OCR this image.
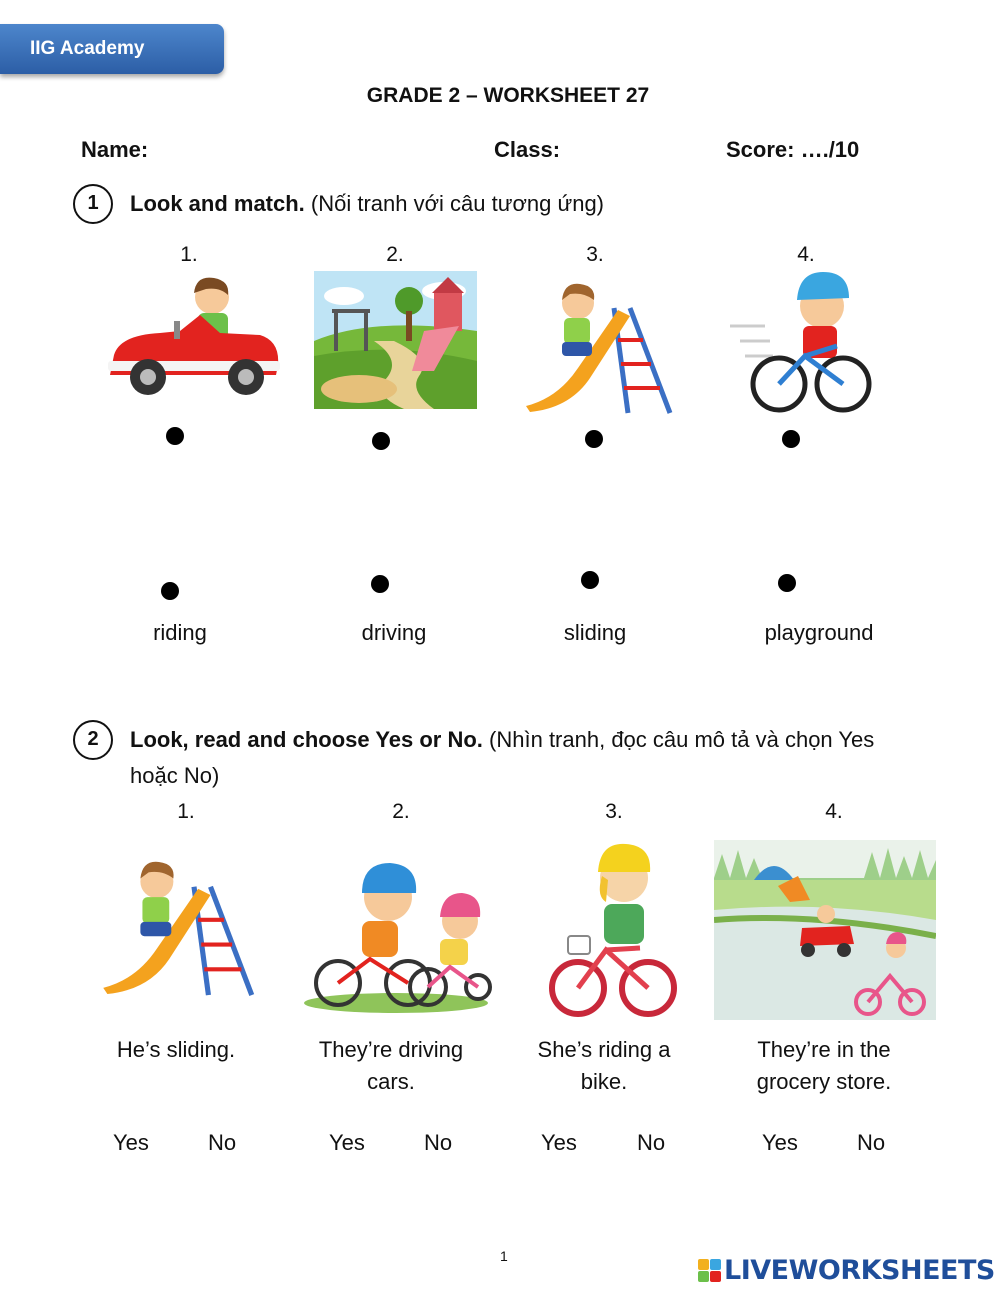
IIG Academy
GRADE 2 – WORKSHEET 27
Name:	Class:	Score: …./10
1	Look and match. (Nối tranh với câu tương ứng)
1.	2.	3.	4.
riding	driving	sliding	playground
2	Look, read and choose Yes or No. (Nhìn tranh, đọc câu mô tả và chọn Yes
hoặc No)
1.	2.	3.	4.
He’s sliding.	They’re driving
cars.
She’s riding a
bike.
They’re in the
grocery store.
Yes	No	Yes	No	Yes	No	Yes	No
1	LIVEWORKSHEETS
